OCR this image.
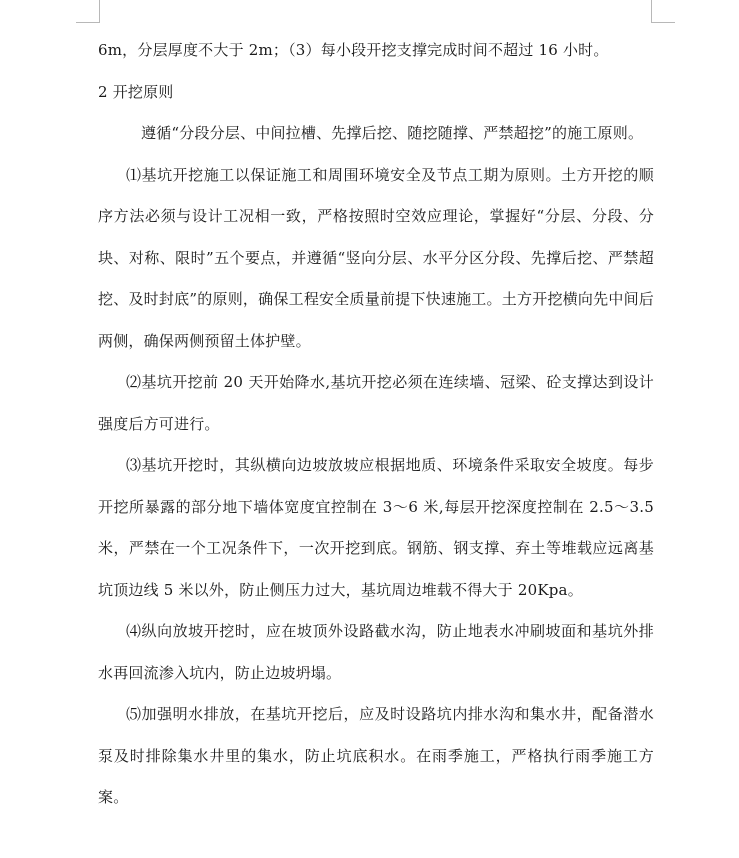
6m，分层厚度不大于 2m；（3）每小段开挖支撑完成时间不超过 16 小时。

2 开挖原则

遵循“分段分层、中间拉槽、先撑后挖、随挖随撑、严禁超挖”的施工原则。

⑴基坑开挖施工以保证施工和周围环境安全及节点工期为原则。土方开挖的顺序方法必须与设计工况相一致，严格按照时空效应理论，掌握好“分层、分段、分块、对称、限时”五个要点，并遵循“竖向分层、水平分区分段、先撑后挖、严禁超挖、及时封底”的原则，确保工程安全质量前提下快速施工。土方开挖横向先中间后两侧，确保两侧预留土体护壁。

⑵基坑开挖前 20 天开始降水,基坑开挖必须在连续墙、冠梁、砼支撑达到设计强度后方可进行。

⑶基坑开挖时，其纵横向边坡放坡应根据地质、环境条件采取安全坡度。每步开挖所暴露的部分地下墙体宽度宜控制在 3～6 米,每层开挖深度控制在 2.5～3.5 米，严禁在一个工况条件下，一次开挖到底。钢筋、钢支撑、弃土等堆载应远离基坑顶边线 5 米以外，防止侧压力过大，基坑周边堆载不得大于 20Kpa。

⑷纵向放坡开挖时，应在坡顶外设路截水沟，防止地表水冲刷坡面和基坑外排水再回流渗入坑内，防止边坡坍塌。

⑸加强明水排放，在基坑开挖后，应及时设路坑内排水沟和集水井，配备潜水泵及时排除集水井里的集水，防止坑底积水。在雨季施工，严格执行雨季施工方案。
